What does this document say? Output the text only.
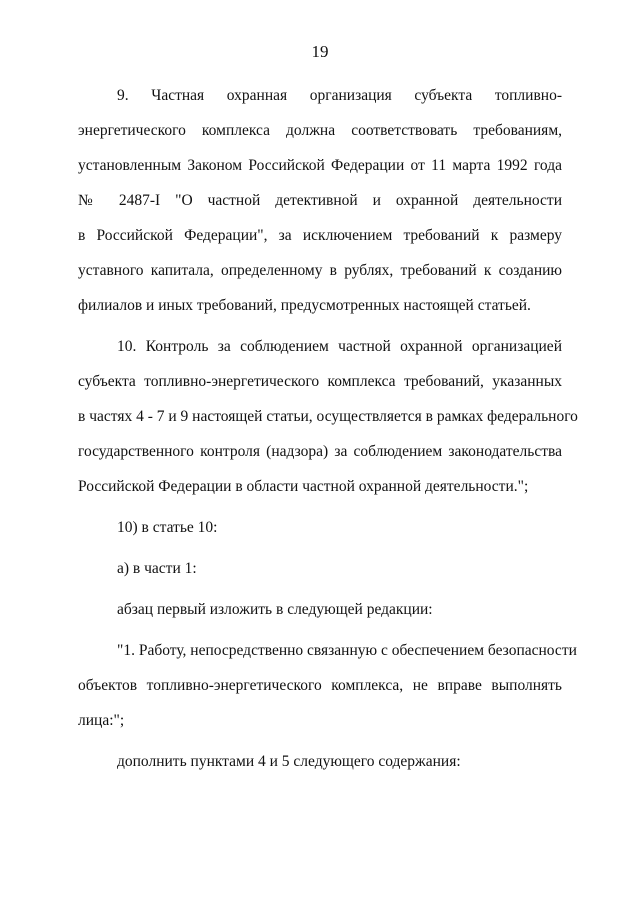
19
9. Частная охранная организация субъекта топливно-
энергетического комплекса должна соответствовать требованиям,
установленным Законом Российской Федерации от 11 марта 1992 года
№ 2487-I "О частной детективной и охранной деятельности
в Российской Федерации", за исключением требований к размеру
уставного капитала, определенному в рублях, требований к созданию
филиалов и иных требований, предусмотренных настоящей статьей.
10. Контроль за соблюдением частной охранной организацией
субъекта топливно-энергетического комплекса требований, указанных
в частях 4 - 7 и 9 настоящей статьи, осуществляется в рамках федерального
государственного контроля (надзора) за соблюдением законодательства
Российской Федерации в области частной охранной деятельности.";
10) в статье 10:
а) в части 1:
абзац первый изложить в следующей редакции:
"1. Работу, непосредственно связанную с обеспечением безопасности
объектов топливно-энергетического комплекса, не вправе выполнять
лица:";
дополнить пунктами 4 и 5 следующего содержания:
